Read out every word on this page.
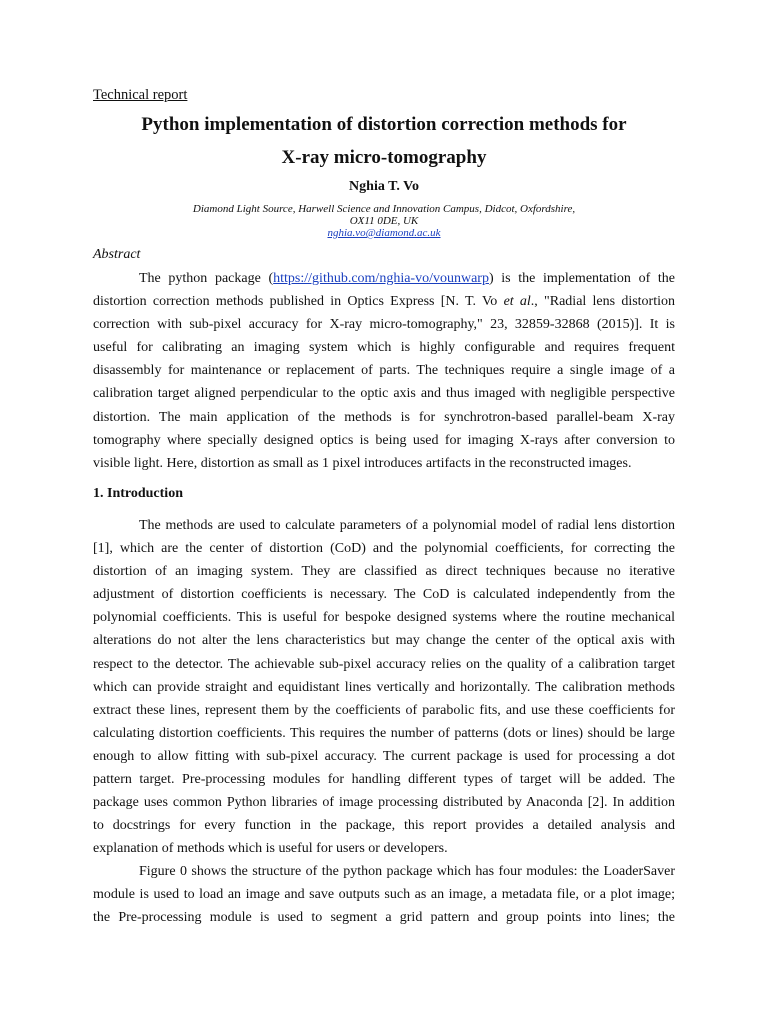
Technical report
Python implementation of distortion correction methods for
X-ray micro-tomography
Nghia T. Vo
Diamond Light Source, Harwell Science and Innovation Campus, Didcot, Oxfordshire,
OX11 0DE, UK
nghia.vo@diamond.ac.uk
Abstract
The python package (https://github.com/nghia-vo/vounwarp) is the implementation of the
distortion correction methods published in Optics Express [N. T. Vo et al., "Radial lens distortion
correction with sub-pixel accuracy for X-ray micro-tomography," 23, 32859-32868 (2015)]. It is
useful for calibrating an imaging system which is highly configurable and requires frequent
disassembly for maintenance or replacement of parts. The techniques require a single image of a
calibration target aligned perpendicular to the optic axis and thus imaged with negligible perspective
distortion. The main application of the methods is for synchrotron-based parallel-beam X-ray
tomography where specially designed optics is being used for imaging X-rays after conversion to
visible light. Here, distortion as small as 1 pixel introduces artifacts in the reconstructed images.
1. Introduction
The methods are used to calculate parameters of a polynomial model of radial lens distortion
[1], which are the center of distortion (CoD) and the polynomial coefficients, for correcting the
distortion of an imaging system. They are classified as direct techniques because no iterative
adjustment of distortion coefficients is necessary. The CoD is calculated independently from the
polynomial coefficients. This is useful for bespoke designed systems where the routine mechanical
alterations do not alter the lens characteristics but may change the center of the optical axis with
respect to the detector. The achievable sub-pixel accuracy relies on the quality of a calibration target
which can provide straight and equidistant lines vertically and horizontally. The calibration methods
extract these lines, represent them by the coefficients of parabolic fits, and use these coefficients for
calculating distortion coefficients. This requires the number of patterns (dots or lines) should be large
enough to allow fitting with sub-pixel accuracy. The current package is used for processing a dot
pattern target. Pre-processing modules for handling different types of target will be added. The
package uses common Python libraries of image processing distributed by Anaconda [2]. In addition
to docstrings for every function in the package, this report provides a detailed analysis and
explanation of methods which is useful for users or developers.
Figure 0 shows the structure of the python package which has four modules: the LoaderSaver
module is used to load an image and save outputs such as an image, a metadata file, or a plot image;
the Pre-processing module is used to segment a grid pattern and group points into lines; the
